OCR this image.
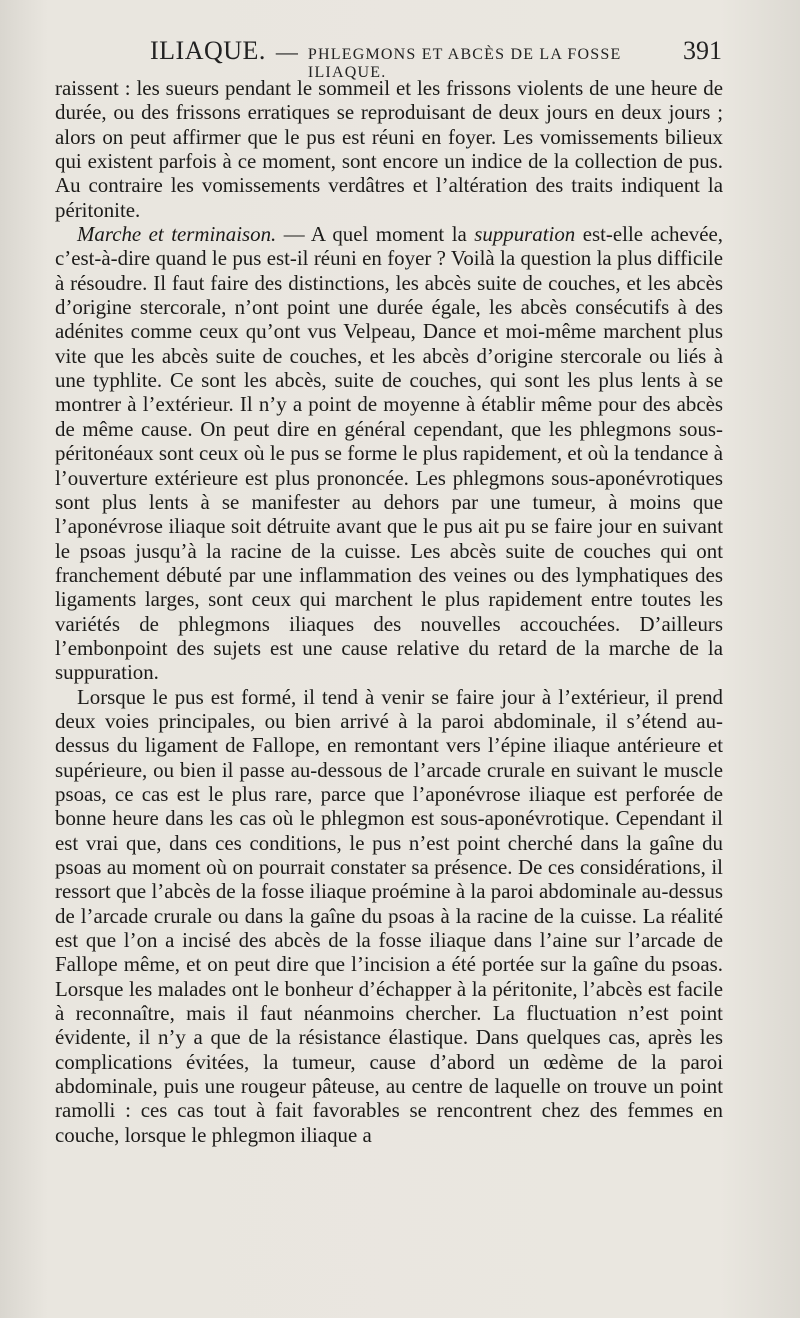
ILIAQUE. — PHLEGMONS ET ABCÈS DE LA FOSSE ILIAQUE.
391

raissent : les sueurs pendant le sommeil et les frissons violents de une heure de durée, ou des frissons erratiques se reproduisant de deux jours en deux jours ; alors on peut affirmer que le pus est réuni en foyer. Les vomissements bilieux qui existent parfois à ce moment, sont encore un indice de la collection de pus. Au contraire les vomissements verdâtres et l’altération des traits indiquent la péritonite.

Marche et terminaison. — A quel moment la suppuration est-elle achevée, c’est-à-dire quand le pus est-il réuni en foyer ? Voilà la question la plus difficile à résoudre. Il faut faire des distinctions, les abcès suite de couches, et les abcès d’origine stercorale, n’ont point une durée égale, les abcès consécutifs à des adénites comme ceux qu’ont vus Velpeau, Dance et moi-même marchent plus vite que les abcès suite de couches, et les abcès d’origine stercorale ou liés à une typhlite. Ce sont les abcès, suite de couches, qui sont les plus lents à se montrer à l’extérieur. Il n’y a point de moyenne à établir même pour des abcès de même cause. On peut dire en général cependant, que les phlegmons sous-péritonéaux sont ceux où le pus se forme le plus rapidement, et où la tendance à l’ouverture extérieure est plus prononcée. Les phlegmons sous-aponévrotiques sont plus lents à se manifester au dehors par une tumeur, à moins que l’aponévrose iliaque soit détruite avant que le pus ait pu se faire jour en suivant le psoas jusqu’à la racine de la cuisse. Les abcès suite de couches qui ont franchement débuté par une inflammation des veines ou des lymphatiques des ligaments larges, sont ceux qui marchent le plus rapidement entre toutes les variétés de phlegmons iliaques des nouvelles accouchées. D’ailleurs l’embonpoint des sujets est une cause relative du retard de la marche de la suppuration.

Lorsque le pus est formé, il tend à venir se faire jour à l’extérieur, il prend deux voies principales, ou bien arrivé à la paroi abdominale, il s’étend au-dessus du ligament de Fallope, en remontant vers l’épine iliaque antérieure et supérieure, ou bien il passe au-dessous de l’arcade crurale en suivant le muscle psoas, ce cas est le plus rare, parce que l’aponévrose iliaque est perforée de bonne heure dans les cas où le phlegmon est sous-aponévrotique. Cependant il est vrai que, dans ces conditions, le pus n’est point cherché dans la gaîne du psoas au moment où on pourrait constater sa présence. De ces considérations, il ressort que l’abcès de la fosse iliaque proémine à la paroi abdominale au-dessus de l’arcade crurale ou dans la gaîne du psoas à la racine de la cuisse. La réalité est que l’on a incisé des abcès de la fosse iliaque dans l’aine sur l’arcade de Fallope même, et on peut dire que l’incision a été portée sur la gaîne du psoas. Lorsque les malades ont le bonheur d’échapper à la péritonite, l’abcès est facile à reconnaître, mais il faut néanmoins chercher. La fluctuation n’est point évidente, il n’y a que de la résistance élastique. Dans quelques cas, après les complications évitées, la tumeur, cause d’abord un œdème de la paroi abdominale, puis une rougeur pâteuse, au centre de laquelle on trouve un point ramolli : ces cas tout à fait favorables se rencontrent chez des femmes en couche, lorsque le phlegmon iliaque a
